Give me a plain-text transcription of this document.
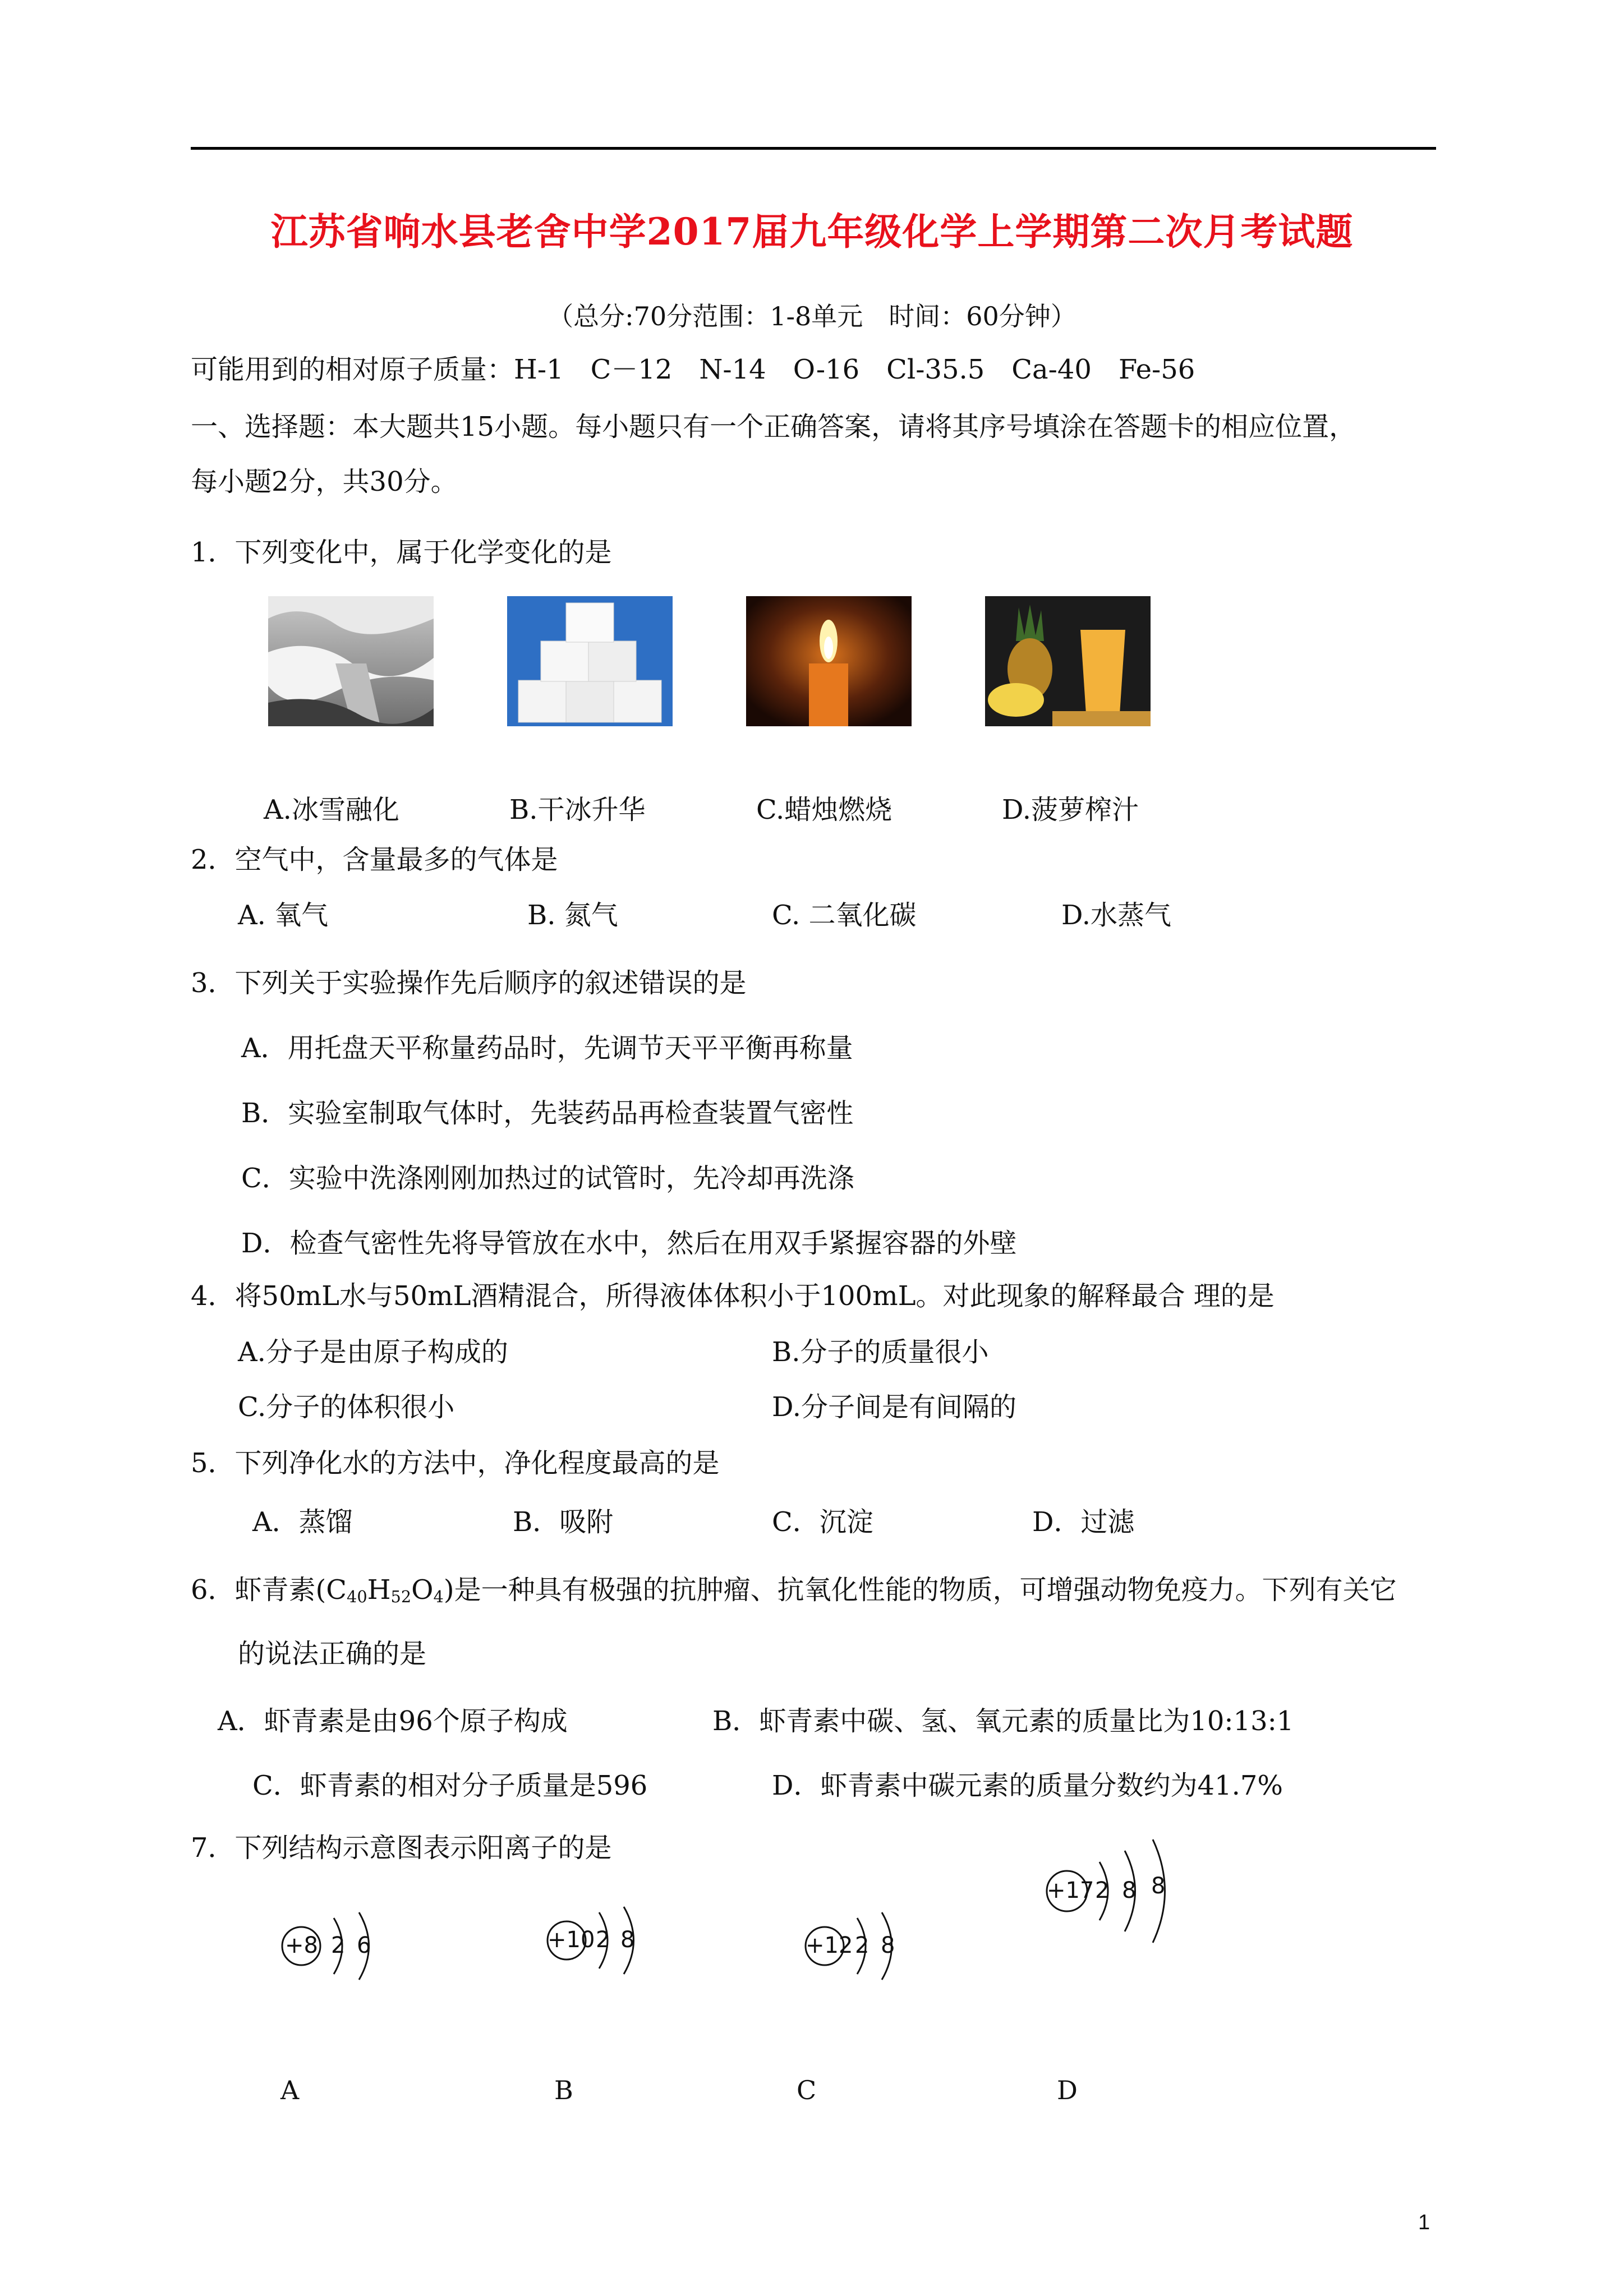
江苏省响水县老舍中学2017届九年级化学上学期第二次月考试题
（总分:70分范围：1-8单元　时间：60分钟）
可能用到的相对原子质量：H-1　C－12　N-14　O-16　Cl-35.5　Ca-40　Fe-56
一、选择题：本大题共15小题。每小题只有一个正确答案，请将其序号填涂在答题卡的相应位置，
每小题2分，共30分。
1．下列变化中，属于化学变化的是
A.冰雪融化	B.干冰升华	C.蜡烛燃烧	D.菠萝榨汁
2．空气中，含量最多的气体是
A. 氧气	B. 氮气	C. 二氧化碳	D.水蒸气
3．下列关于实验操作先后顺序的叙述错误的是
A．用托盘天平称量药品时，先调节天平平衡再称量
B．实验室制取气体时，先装药品再检查装置气密性
C．实验中洗涤刚刚加热过的试管时，先冷却再洗涤
D．检查气密性先将导管放在水中，然后在用双手紧握容器的外壁
4．将50mL水与50mL酒精混合，所得液体体积小于100mL。对此现象的解释最合 理的是
A.分子是由原子构成的	B.分子的质量很小
C.分子的体积很小	D.分子间是有间隔的
5．下列净化水的方法中，净化程度最高的是
A．蒸馏	B．吸附	C．沉淀	D．过滤
6．虾青素$(C_{40}H_{52}O_4)$是一种具有极强的抗肿瘤、抗氧化性能的物质，可增强动物免疫力。下列有关它
的说法正确的是
A．虾青素是由96个原子构成	B．虾青素中碳、氢、氧元素的质量比为10:13:1
C．虾青素的相对分子质量是596	D．虾青素中碳元素的质量分数约为41.7%
7．下列结构示意图表示阳离子的是
+8 2 6
A
+10 2 8
B
+12 2 8
C
+17 2 8 8
D
1
